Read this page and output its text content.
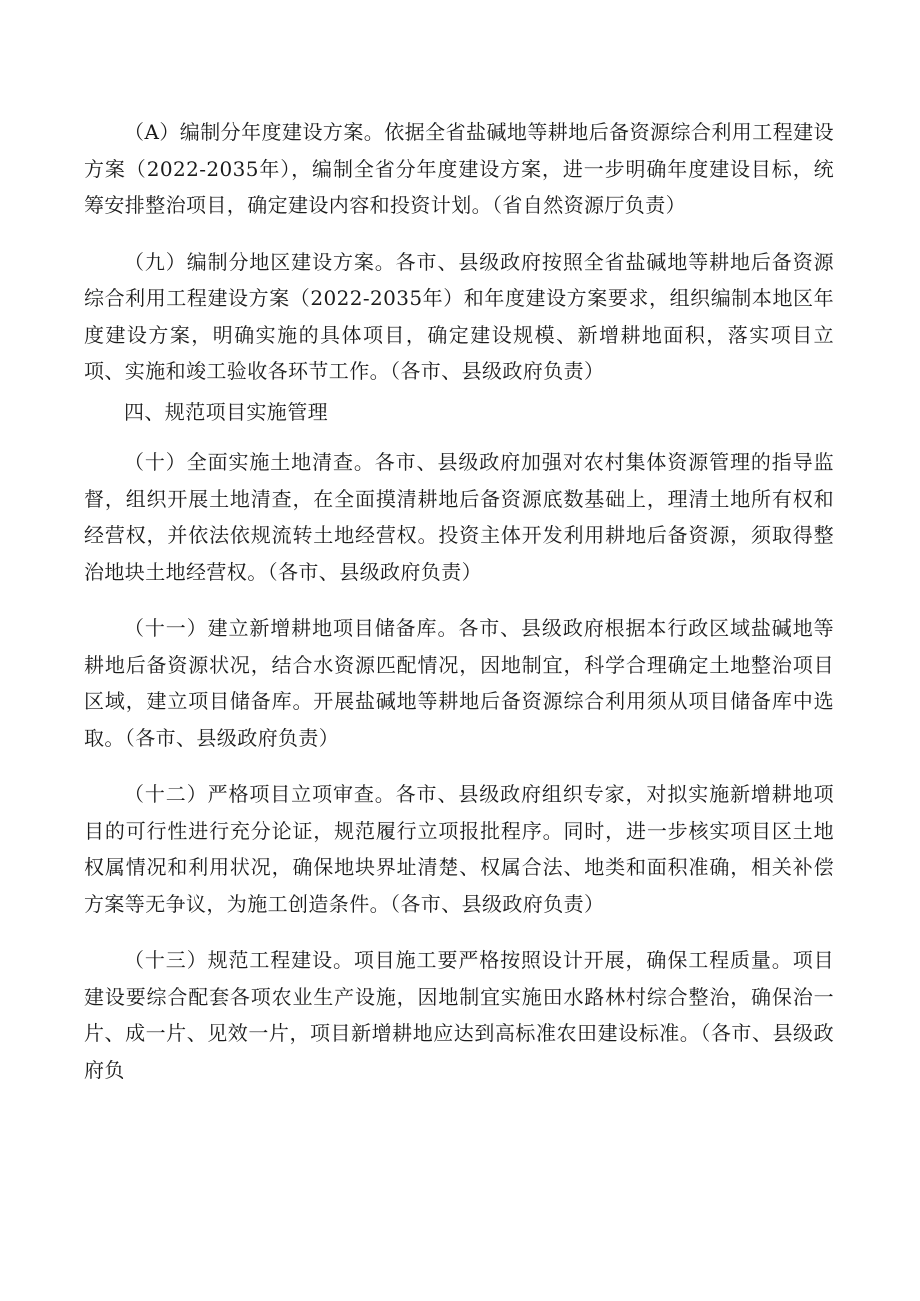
（A）编制分年度建设方案。依据全省盐碱地等耕地后备资源综合利用工程建设方案（2022-2035年），编制全省分年度建设方案，进一步明确年度建设目标，统筹安排整治项目，确定建设内容和投资计划。（省自然资源厅负责）

（九）编制分地区建设方案。各市、县级政府按照全省盐碱地等耕地后备资源综合利用工程建设方案（2022-2035年）和年度建设方案要求，组织编制本地区年度建设方案，明确实施的具体项目，确定建设规模、新增耕地面积，落实项目立项、实施和竣工验收各环节工作。（各市、县级政府负责）

四、规范项目实施管理

（十）全面实施土地清查。各市、县级政府加强对农村集体资源管理的指导监督，组织开展土地清查，在全面摸清耕地后备资源底数基础上，理清土地所有权和经营权，并依法依规流转土地经营权。投资主体开发利用耕地后备资源，须取得整治地块土地经营权。（各市、县级政府负责）

（十一）建立新增耕地项目储备库。各市、县级政府根据本行政区域盐碱地等耕地后备资源状况，结合水资源匹配情况，因地制宜，科学合理确定土地整治项目区域，建立项目储备库。开展盐碱地等耕地后备资源综合利用须从项目储备库中选取。（各市、县级政府负责）

（十二）严格项目立项审查。各市、县级政府组织专家，对拟实施新增耕地项目的可行性进行充分论证，规范履行立项报批程序。同时，进一步核实项目区土地权属情况和利用状况，确保地块界址清楚、权属合法、地类和面积准确，相关补偿方案等无争议，为施工创造条件。（各市、县级政府负责）

（十三）规范工程建设。项目施工要严格按照设计开展，确保工程质量。项目建设要综合配套各项农业生产设施，因地制宜实施田水路林村综合整治，确保治一片、成一片、见效一片，项目新增耕地应达到高标准农田建设标准。（各市、县级政府负
